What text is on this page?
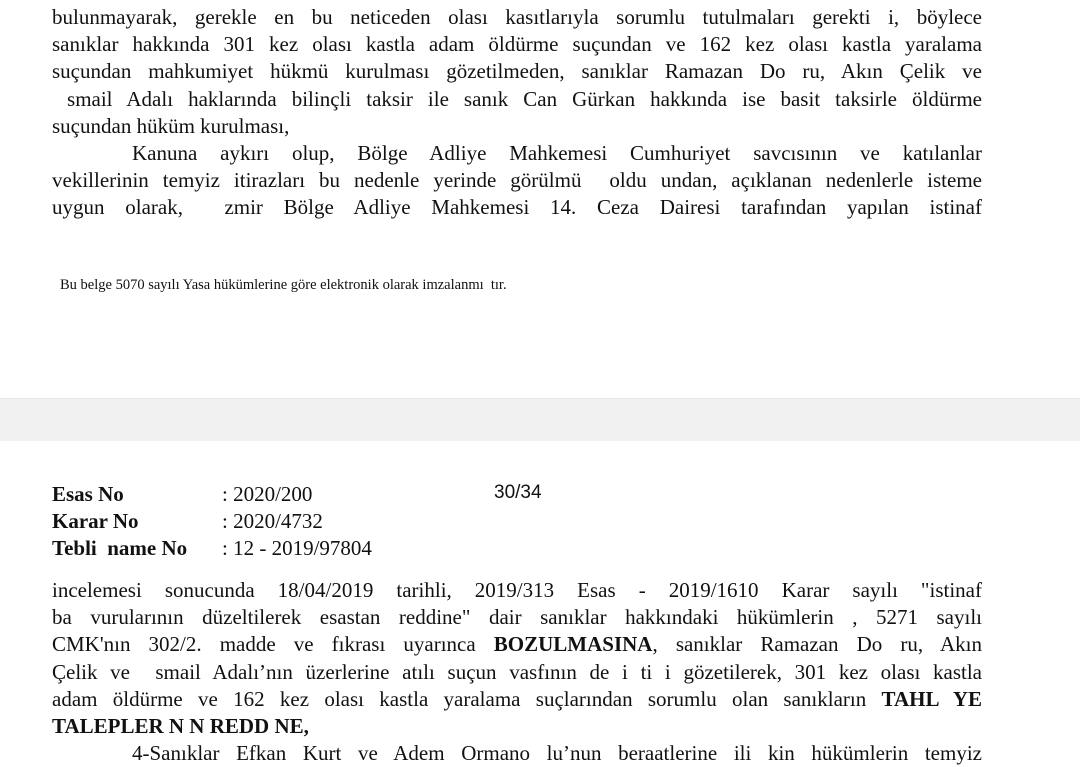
bulunmayarak, gerekle en bu neticeden olası kasıtlarıyla sorumlu tutulmaları gerekti i, böylece
sanıklar hakkında 301 kez olası kastla adam öldürme suçundan ve 162 kez olası kastla yaralama
suçundan mahkumiyet hükmü kurulması gözetilmeden, sanıklar Ramazan Do ru, Akın Çelik ve
smail Adalı haklarında bilinçli taksir ile sanık Can Gürkan hakkında ise basit taksirle öldürme
suçundan hüküm kurulması,
Kanuna aykırı olup, Bölge Adliye Mahkemesi Cumhuriyet savcısının ve katılanlar
vekillerinin temyiz itirazları bu nedenle yerinde görülmü  oldu undan, açıklanan nedenlerle isteme
uygun olarak,  zmir Bölge Adliye Mahkemesi 14. Ceza Dairesi tarafından yapılan istinaf
Bu belge 5070 sayılı Yasa hükümlerine göre elektronik olarak imzalanmı  tır.
Esas No	: 2020/200	30/34
Karar No	: 2020/4732
Tebli  name No : 12 - 2019/97804
incelemesi sonucunda 18/04/2019 tarihli, 2019/313 Esas - 2019/1610 Karar sayılı "istinaf
ba vurularının düzeltilerek esastan reddine" dair sanıklar hakkındaki hükümlerin , 5271 sayılı
CMK'nın 302/2. madde ve fıkrası uyarınca BOZULMASINA, sanıklar Ramazan Do ru, Akın
Çelik ve  smail Adalı’nın üzerlerine atılı suçun vasfının de i ti i gözetilerek, 301 kez olası kastla
adam öldürme ve 162 kez olası kastla yaralama suçlarından sorumlu olan sanıkların TAHL YE
TALEPLER N N REDD NE,
4-Sanıklar Efkan Kurt ve Adem Ormano lu’nun beraatlerine ili kin hükümlerin temyiz
